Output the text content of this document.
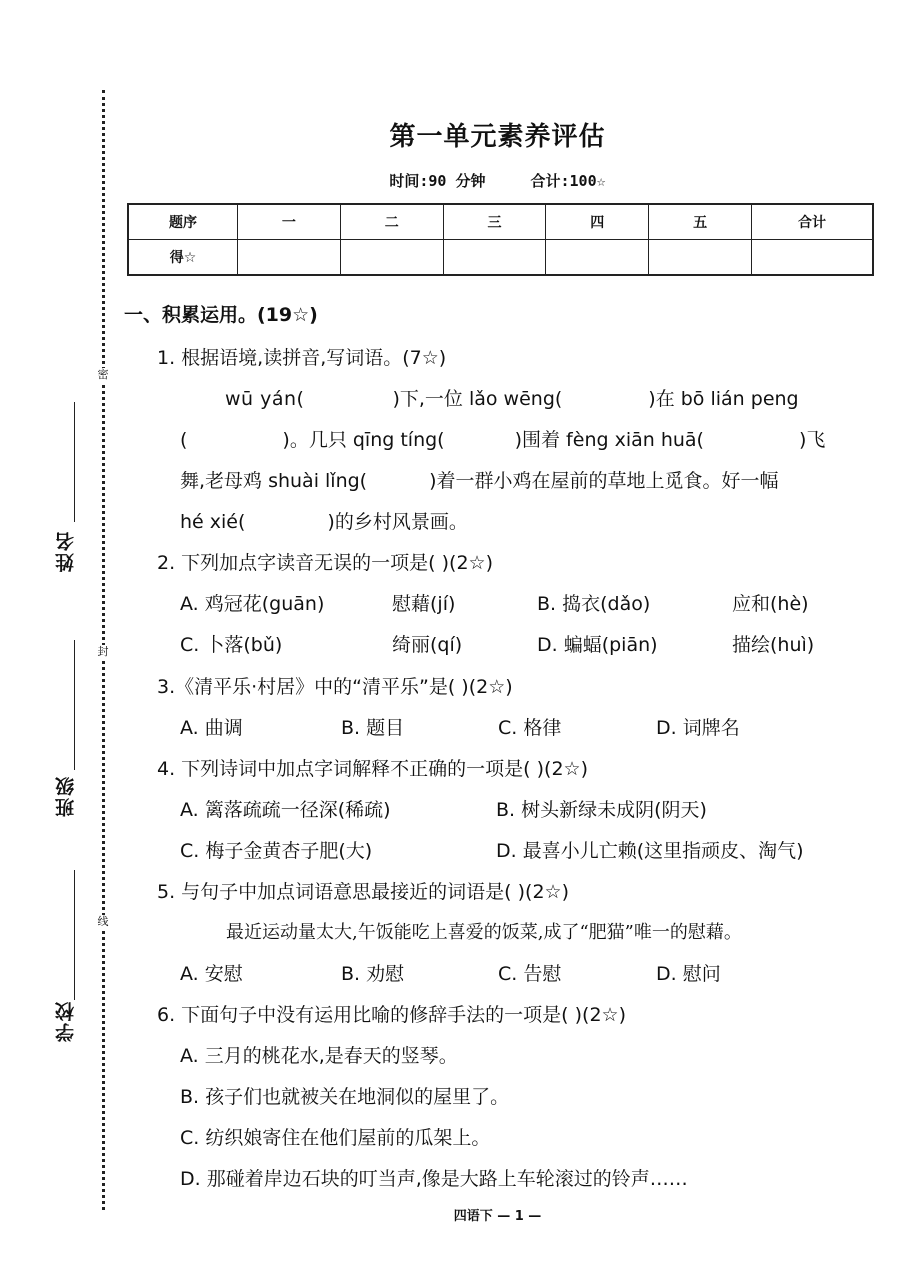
密
封
线
姓名
班级
学校
第一单元素养评估
时间:90 分钟	合计:100☆
题序	一	二	三	四	五	合计
得☆						
一、积累运用。(19☆)
1. 根据语境,读拼音,写词语。(7☆)
wū yán(	)下,一位 lǎo wēng(	)在 bō lián peng
(	)。几只 qīng tíng(	)围着 fèng xiān huā(	)飞
舞,老母鸡 shuài lǐng(	)着一群小鸡在屋前的草地上觅食。好一幅
hé xié(	)的乡村风景画。
2. 下列加点字读音无误的一项是( )(2☆)
A. 鸡冠花(guān)	慰藉(jí)	B. 捣衣(dǎo)	应和(hè)
C. 卜落(bǔ)	绮丽(qí)	D. 蝙蝠(piān)	描绘(huì)
3.《清平乐·村居》中的“清平乐”是( )(2☆)
A. 曲调	B. 题目	C. 格律	D. 词牌名
4. 下列诗词中加点字词解释不正确的一项是( )(2☆)
A. 篱落疏疏一径深(稀疏)	B. 树头新绿未成阴(阴天)
C. 梅子金黄杏子肥(大)	D. 最喜小儿亡赖(这里指顽皮、淘气)
5. 与句子中加点词语意思最接近的词语是( )(2☆)
最近运动量太大,午饭能吃上喜爱的饭菜,成了“肥猫”唯一的慰藉。
A. 安慰	B. 劝慰	C. 告慰	D. 慰问
6. 下面句子中没有运用比喻的修辞手法的一项是( )(2☆)
A. 三月的桃花水,是春天的竖琴。
B. 孩子们也就被关在地洞似的屋里了。
C. 纺织娘寄住在他们屋前的瓜架上。
D. 那碰着岸边石块的叮当声,像是大路上车轮滚过的铃声……
四语下 — 1 —
